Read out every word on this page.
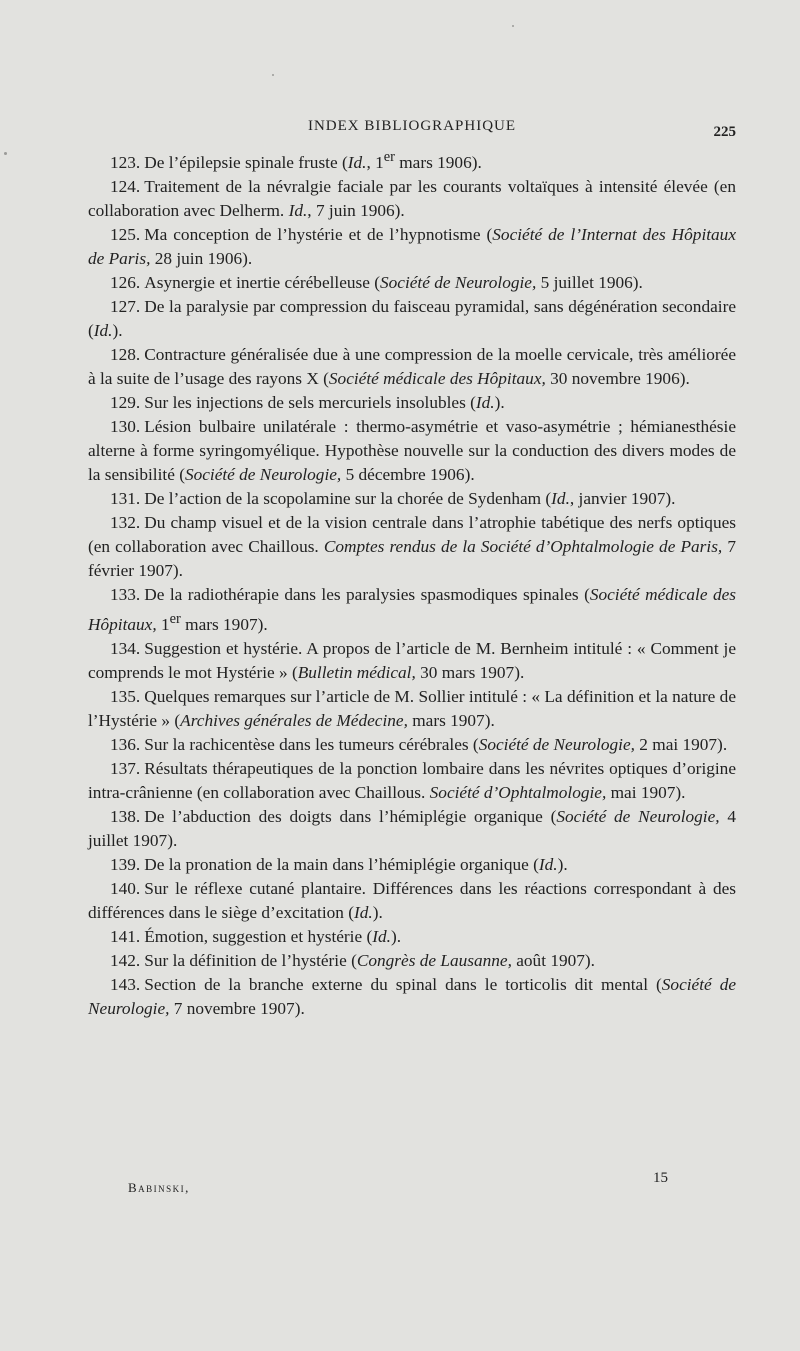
INDEX BIBLIOGRAPHIQUE	225

123. De l’épilepsie spinale fruste (Id., 1er mars 1906).

124. Traitement de la névralgie faciale par les courants voltaïques à intensité élevée (en collaboration avec Delherm. Id., 7 juin 1906).

125. Ma conception de l’hystérie et de l’hypnotisme (Société de l’Internat des Hôpitaux de Paris, 28 juin 1906).

126. Asynergie et inertie cérébelleuse (Société de Neurologie, 5 juillet 1906).

127. De la paralysie par compression du faisceau pyramidal, sans dégénération secondaire (Id.).

128. Contracture généralisée due à une compression de la moelle cervicale, très améliorée à la suite de l’usage des rayons X (Société médicale des Hôpitaux, 30 novembre 1906).

129. Sur les injections de sels mercuriels insolubles (Id.).

130. Lésion bulbaire unilatérale : thermo-asymétrie et vaso-asymétrie ; hémianesthésie alterne à forme syringomyélique. Hypothèse nouvelle sur la conduction des divers modes de la sensibilité (Société de Neurologie, 5 décembre 1906).

131. De l’action de la scopolamine sur la chorée de Sydenham (Id., janvier 1907).

132. Du champ visuel et de la vision centrale dans l’atrophie tabétique des nerfs optiques (en collaboration avec Chaillous. Comptes rendus de la Société d’Ophtalmologie de Paris, 7 février 1907).

133. De la radiothérapie dans les paralysies spasmodiques spinales (Société médicale des Hôpitaux, 1er mars 1907).

134. Suggestion et hystérie. A propos de l’article de M. Bernheim intitulé : « Comment je comprends le mot Hystérie » (Bulletin médical, 30 mars 1907).

135. Quelques remarques sur l’article de M. Sollier intitulé : « La définition et la nature de l’Hystérie » (Archives générales de Médecine, mars 1907).

136. Sur la rachicentèse dans les tumeurs cérébrales (Société de Neurologie, 2 mai 1907).

137. Résultats thérapeutiques de la ponction lombaire dans les névrites optiques d’origine intra-crânienne (en collaboration avec Chaillous. Société d’Ophtalmologie, mai 1907).

138. De l’abduction des doigts dans l’hémiplégie organique (Société de Neurologie, 4 juillet 1907).

139. De la pronation de la main dans l’hémiplégie organique (Id.).

140. Sur le réflexe cutané plantaire. Différences dans les réactions correspondant à des différences dans le siège d’excitation (Id.).

141. Émotion, suggestion et hystérie (Id.).

142. Sur la définition de l’hystérie (Congrès de Lausanne, août 1907).

143. Section de la branche externe du spinal dans le torticolis dit mental (Société de Neurologie, 7 novembre 1907).

Babinski,
15
